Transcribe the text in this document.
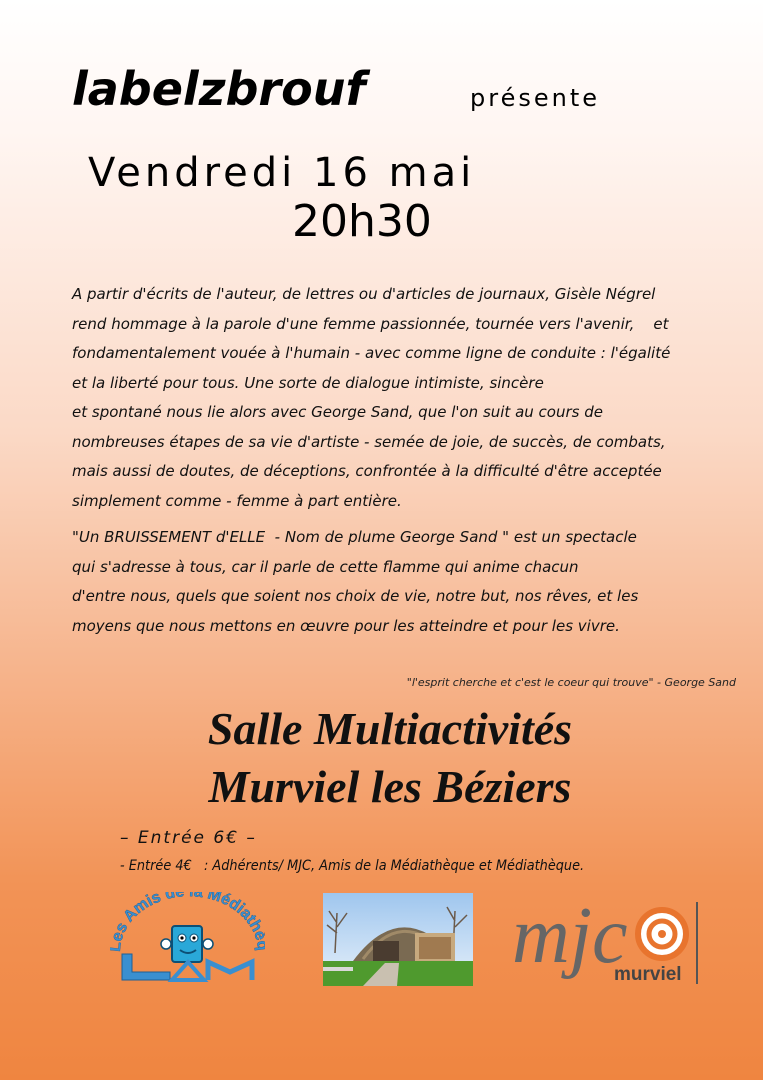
labelzbrouf	présente
Vendredi 16 mai
20h30
A partir d'écrits de l'auteur, de lettres ou d'articles de journaux, Gisèle Négrel
rend hommage à la parole d'une femme passionnée, tournée vers l'avenir,    et
fondamentalement vouée à l'humain - avec comme ligne de conduite : l'égalité
et la liberté pour tous. Une sorte de dialogue intimiste, sincère
et spontané nous lie alors avec George Sand, que l'on suit au cours de
nombreuses étapes de sa vie d'artiste - semée de joie, de succès, de combats,
mais aussi de doutes, de déceptions, confrontée à la difficulté d'être acceptée
simplement comme - femme à part entière.
"Un BRUISSEMENT d'ELLE  - Nom de plume George Sand " est un spectacle
qui s'adresse à tous, car il parle de cette flamme qui anime chacun
d'entre nous, quels que soient nos choix de vie, notre but, nos rêves, et les
moyens que nous mettons en œuvre pour les atteindre et pour les vivre.
"l'esprit cherche et c'est le coeur qui trouve" - George Sand
Salle Multiactivités
Murviel les Béziers
– Entrée 6€ –
- Entrée 4€   : Adhérents/ MJC, Amis de la Médiathèque et Médiathèque.
es Amis de a Médiath	mjc
murviel
